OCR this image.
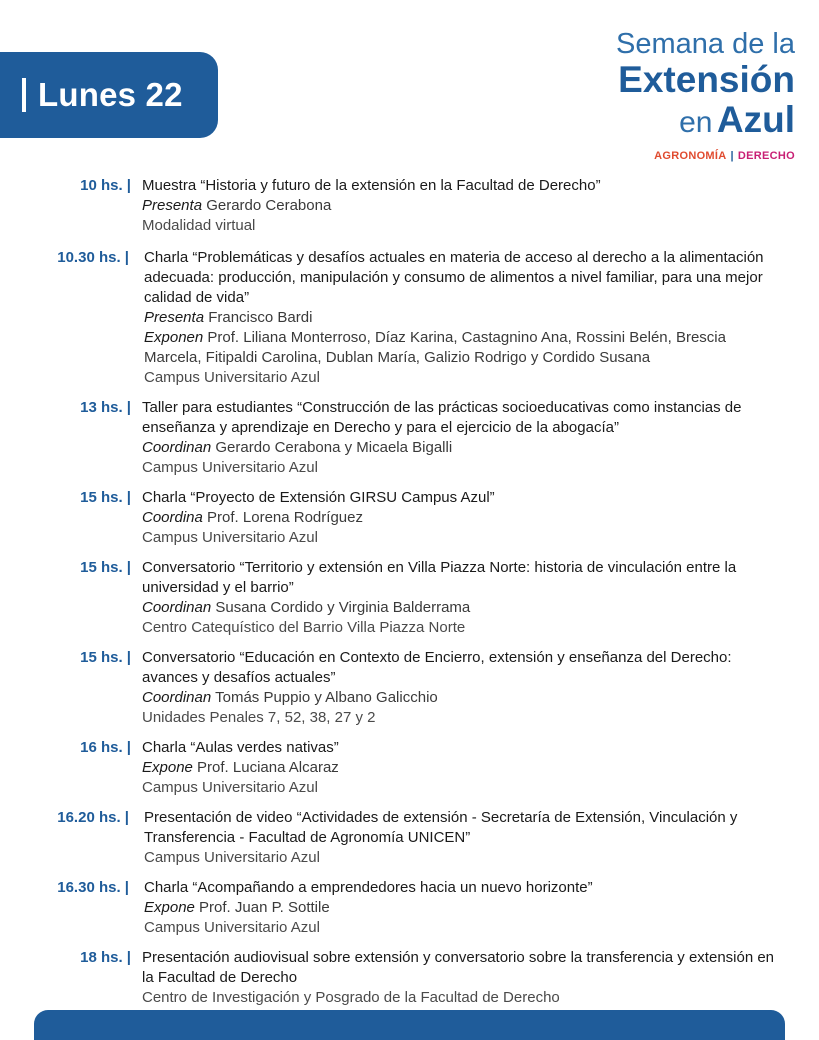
Lunes 22
Semana de la
Extensión
en Azul
AGRONOMÍA | DERECHO
10 hs. | Muestra “Historia y futuro de la extensión en la Facultad de Derecho”
Presenta Gerardo Cerabona
Modalidad virtual
10.30 hs. | Charla “Problemáticas y desafíos actuales en materia de acceso al derecho a la alimentación adecuada: producción, manipulación y consumo de alimentos a nivel familiar, para una mejor calidad de vida”
Presenta Francisco Bardi
Exponen Prof. Liliana Monterroso, Díaz Karina, Castagnino Ana, Rossini Belén, Brescia Marcela, Fitipaldi Carolina, Dublan María, Galizio Rodrigo y Cordido Susana
Campus Universitario Azul
13 hs. | Taller para estudiantes “Construcción de las prácticas socioeducativas como instancias de enseñanza y aprendizaje en Derecho y para el ejercicio de la abogacía”
Coordinan Gerardo Cerabona y Micaela Bigalli
Campus Universitario Azul
15 hs. | Charla “Proyecto de Extensión GIRSU Campus Azul”
Coordina Prof. Lorena Rodríguez
Campus Universitario Azul
15 hs. | Conversatorio “Territorio y extensión en Villa Piazza Norte: historia de vinculación entre la universidad y el barrio”
Coordinan Susana Cordido y Virginia Balderrama
Centro Catequístico del Barrio Villa Piazza Norte
15 hs. | Conversatorio “Educación en Contexto de Encierro, extensión y enseñanza del Derecho: avances y desafíos actuales”
Coordinan Tomás Puppio y Albano Galicchio
Unidades Penales 7, 52, 38, 27 y 2
16 hs. | Charla “Aulas verdes nativas”
Expone Prof. Luciana Alcaraz
Campus Universitario Azul
16.20 hs. | Presentación de video “Actividades de extensión - Secretaría de Extensión, Vinculación y Transferencia - Facultad de Agronomía UNICEN”
Campus Universitario Azul
16.30 hs. | Charla “Acompañando a emprendedores hacia un nuevo horizonte”
Expone Prof. Juan P. Sottile
Campus Universitario Azul
18 hs. | Presentación audiovisual sobre extensión y conversatorio sobre la transferencia y extensión en la Facultad de Derecho
Centro de Investigación y Posgrado de la Facultad de Derecho
